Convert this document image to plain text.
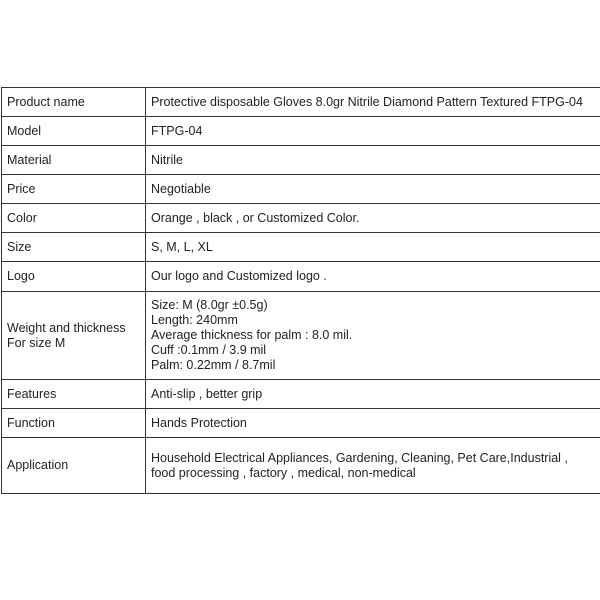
Product name	Protective disposable Gloves 8.0gr Nitrile Diamond Pattern Textured FTPG-04
Model	FTPG-04
Material	Nitrile
Price	Negotiable
Color	Orange , black , or Customized Color.
Size	S, M, L, XL
Logo	Our logo and Customized logo .

Weight and thickness
For size M	Size: M (8.0gr ±0.5g)
Length: 240mm
Average thickness for palm : 8.0 mil.
Cuff :0.1mm / 3.9 mil
Palm: 0.22mm / 8.7mil

Features	Anti-slip , better grip
Function	Hands Protection
Application	Household Electrical Appliances, Gardening, Cleaning, Pet Care,Industrial ,
food processing , factory , medical, non-medical
